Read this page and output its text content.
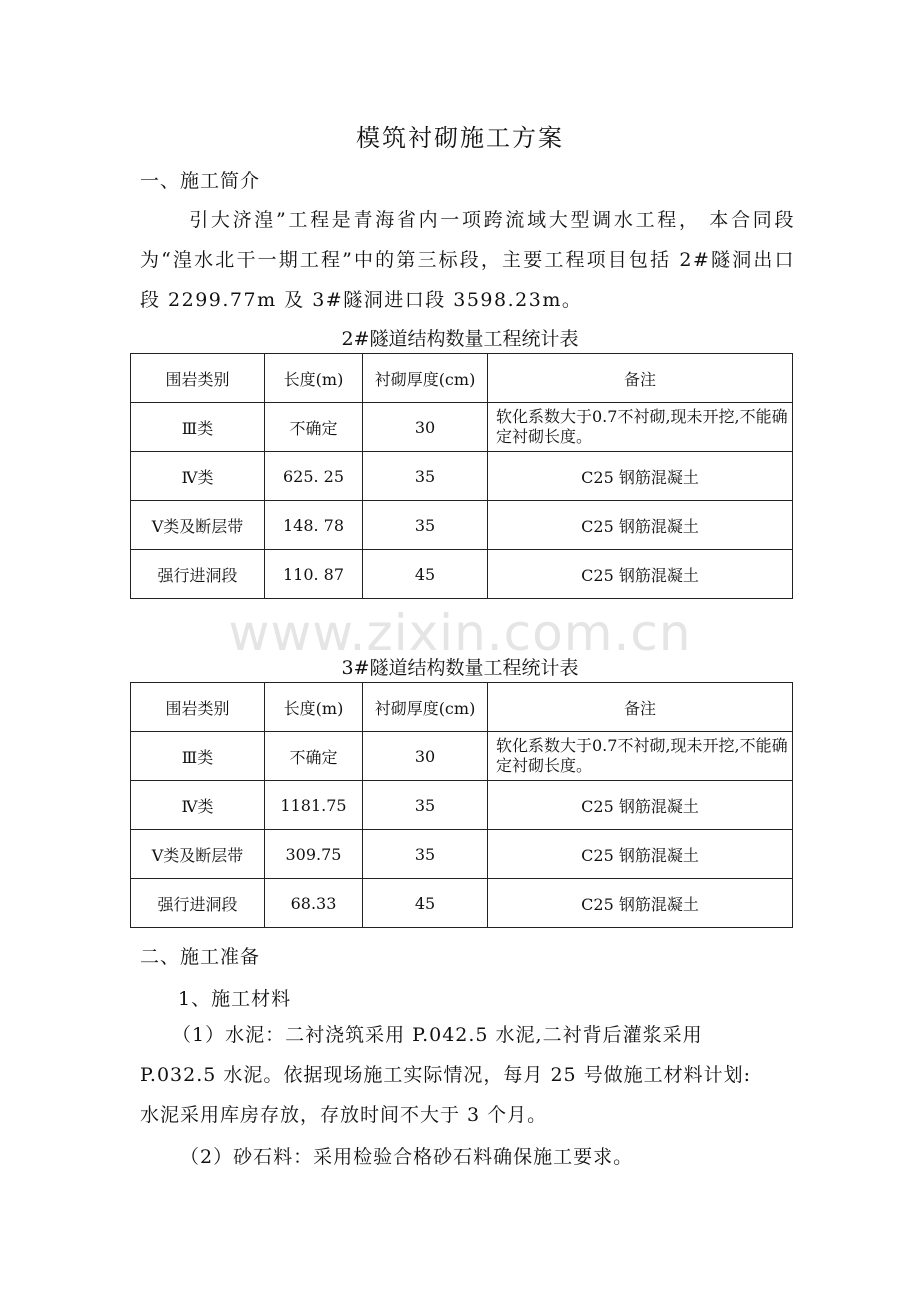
模筑衬砌施工方案
一、施工简介
引大济湟”工程是青海省内一项跨流域大型调水工程， 本合同段为“湟水北干一期工程”中的第三标段，主要工程项目包括 2#隧洞出口段 2299.77m 及 3#隧洞进口段 3598.23m。
2#隧道结构数量工程统计表
围岩类别	长度(m)	衬砌厚度(cm)	备注
Ⅲ类	不确定	30	软化系数大于0.7不衬砌,现未开挖,不能确定衬砌长度。
Ⅳ类	625. 25	35	C25 钢筋混凝土
Ⅴ类及断层带	148. 78	35	C25 钢筋混凝土
强行进洞段	110. 87	45	C25 钢筋混凝土
www.zixin.com.cn
3#隧道结构数量工程统计表
围岩类别	长度(m)	衬砌厚度(cm)	备注
Ⅲ类	不确定	30	软化系数大于0.7不衬砌,现未开挖,不能确定衬砌长度。
Ⅳ类	1181.75	35	C25 钢筋混凝土
Ⅴ类及断层带	309.75	35	C25 钢筋混凝土
强行进洞段	68.33	45	C25 钢筋混凝土
二、施工准备
1、施工材料
（1）水泥：二衬浇筑采用 P.042.5 水泥,二衬背后灌浆采用
P.032.5 水泥。依据现场施工实际情况，每月 25 号做施工材料计划:
水泥采用库房存放，存放时间不大于 3 个月。
（2）砂石料：采用检验合格砂石料确保施工要求。
